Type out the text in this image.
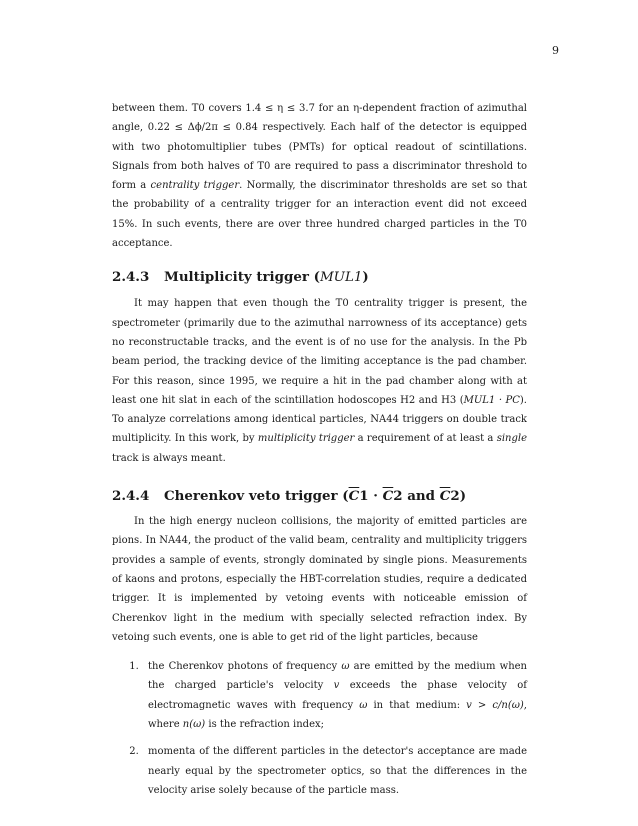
9

between them. T0 covers 1.4 ≤ η ≤ 3.7 for an η-dependent fraction of azimuthal angle, 0.22 ≤ Δϕ/2π ≤ 0.84 respectively. Each half of the detector is equipped with two photomultiplier tubes (PMTs) for optical readout of scintillations. Signals from both halves of T0 are required to pass a discriminator threshold to form a centrality trigger. Normally, the discriminator thresholds are set so that the probability of a centrality trigger for an interaction event did not exceed 15%. In such events, there are over three hundred charged particles in the T0 acceptance.

2.4.3 Multiplicity trigger (MUL1)

It may happen that even though the T0 centrality trigger is present, the spectrometer (primarily due to the azimuthal narrowness of its acceptance) gets no reconstructable tracks, and the event is of no use for the analysis. In the Pb beam period, the tracking device of the limiting acceptance is the pad chamber. For this reason, since 1995, we require a hit in the pad chamber along with at least one hit slat in each of the scintillation hodoscopes H2 and H3 (MUL1 · PC). To analyze correlations among identical particles, NA44 triggers on double track multiplicity. In this work, by multiplicity trigger a requirement of at least a single track is always meant.

2.4.4 Cherenkov veto trigger (C1 · C2 and C2)

In the high energy nucleon collisions, the majority of emitted particles are pions. In NA44, the product of the valid beam, centrality and multiplicity triggers provides a sample of events, strongly dominated by single pions. Measurements of kaons and protons, especially the HBT-correlation studies, require a dedicated trigger. It is implemented by vetoing events with noticeable emission of Cherenkov light in the medium with specially selected refraction index. By vetoing such events, one is able to get rid of the light particles, because

1. the Cherenkov photons of frequency ω are emitted by the medium when the charged particle's velocity v exceeds the phase velocity of electromagnetic waves with frequency ω in that medium: v > c/n(ω), where n(ω) is the refraction index;
2. momenta of the different particles in the detector's acceptance are made nearly equal by the spectrometer optics, so that the differences in the velocity arise solely because of the particle mass.
